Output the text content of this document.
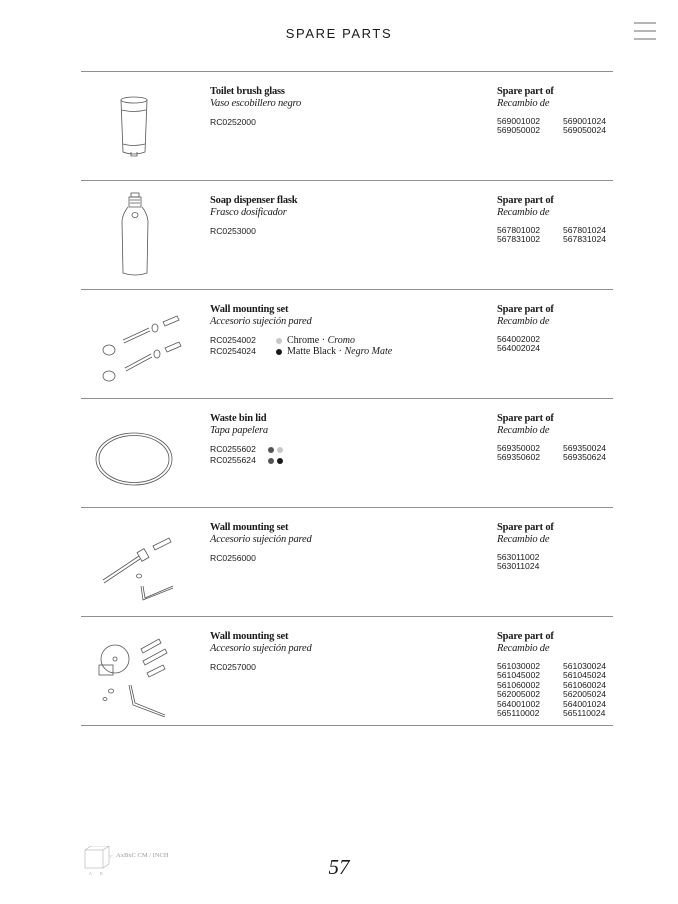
SPARE PARTS
Toilet brush glass
Vaso escobillero negro
RC0252000
Spare part of
Recambio de
569001002	569001024
569050002	569050024
Soap dispenser flask
Frasco dosificador
RC0253000
Spare part of
Recambio de
567801002	567801024
567831002	567831024
Wall mounting set
Accesorio sujeción pared
RC0254002	Chrome · Cromo
RC0254024	Matte Black · Negro Mate
Spare part of
Recambio de
564002002
564002024
Waste bin lid
Tapa papelera
RC0255602
RC0255624
Spare part of
Recambio de
569350002	569350024
569350602	569350624
Wall mounting set
Accesorio sujeción pared
RC0256000
Spare part of
Recambio de
563011002
563011024
Wall mounting set
Accesorio sujeción pared
RC0257000
Spare part of
Recambio de
561030002	561030024
561045002	561045024
561060002	561060024
562005002	562005024
564001002	564001024
565110002	565110024
A B
C AxBxC CM / INCH	57
